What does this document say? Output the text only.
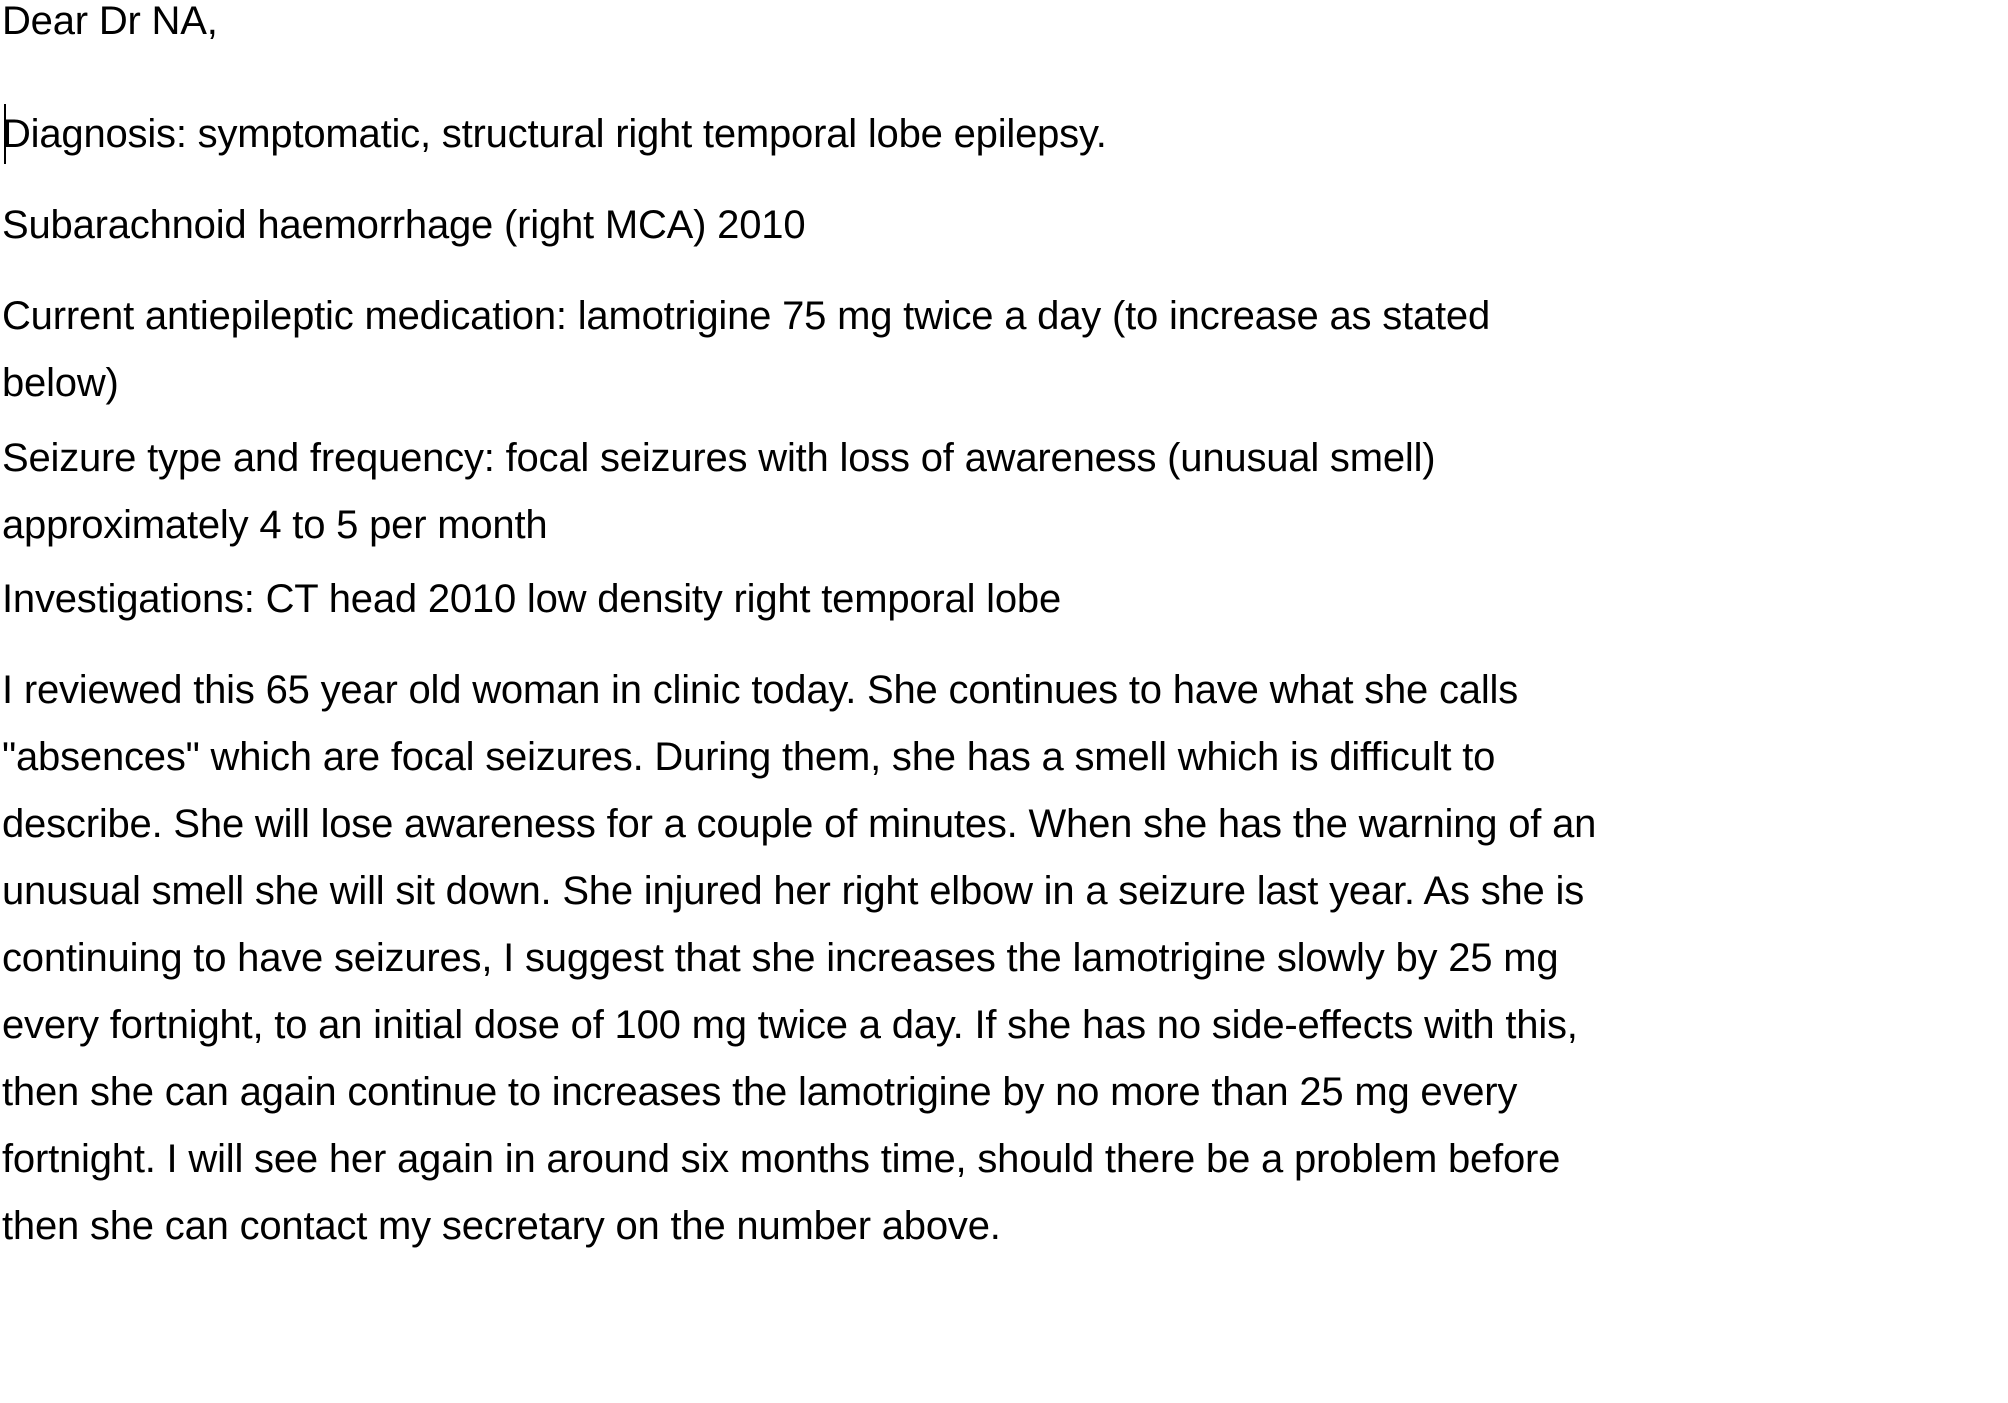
Dear Dr NA,

Diagnosis: symptomatic, structural right temporal lobe epilepsy.

Subarachnoid haemorrhage (right MCA) 2010

Current antiepileptic medication: lamotrigine 75 mg twice a day (to increase as stated
below)

Seizure type and frequency: focal seizures with loss of awareness (unusual smell)
approximately 4 to 5 per month

Investigations: CT head 2010 low density right temporal lobe

I reviewed this 65 year old woman in clinic today. She continues to have what she calls
"absences" which are focal seizures. During them, she has a smell which is difficult to
describe. She will lose awareness for a couple of minutes. When she has the warning of an
unusual smell she will sit down. She injured her right elbow in a seizure last year. As she is
continuing to have seizures, I suggest that she increases the lamotrigine slowly by 25 mg
every fortnight, to an initial dose of 100 mg twice a day. If she has no side-effects with this,
then she can again continue to increases the lamotrigine by no more than 25 mg every
fortnight. I will see her again in around six months time, should there be a problem before
then she can contact my secretary on the number above.
